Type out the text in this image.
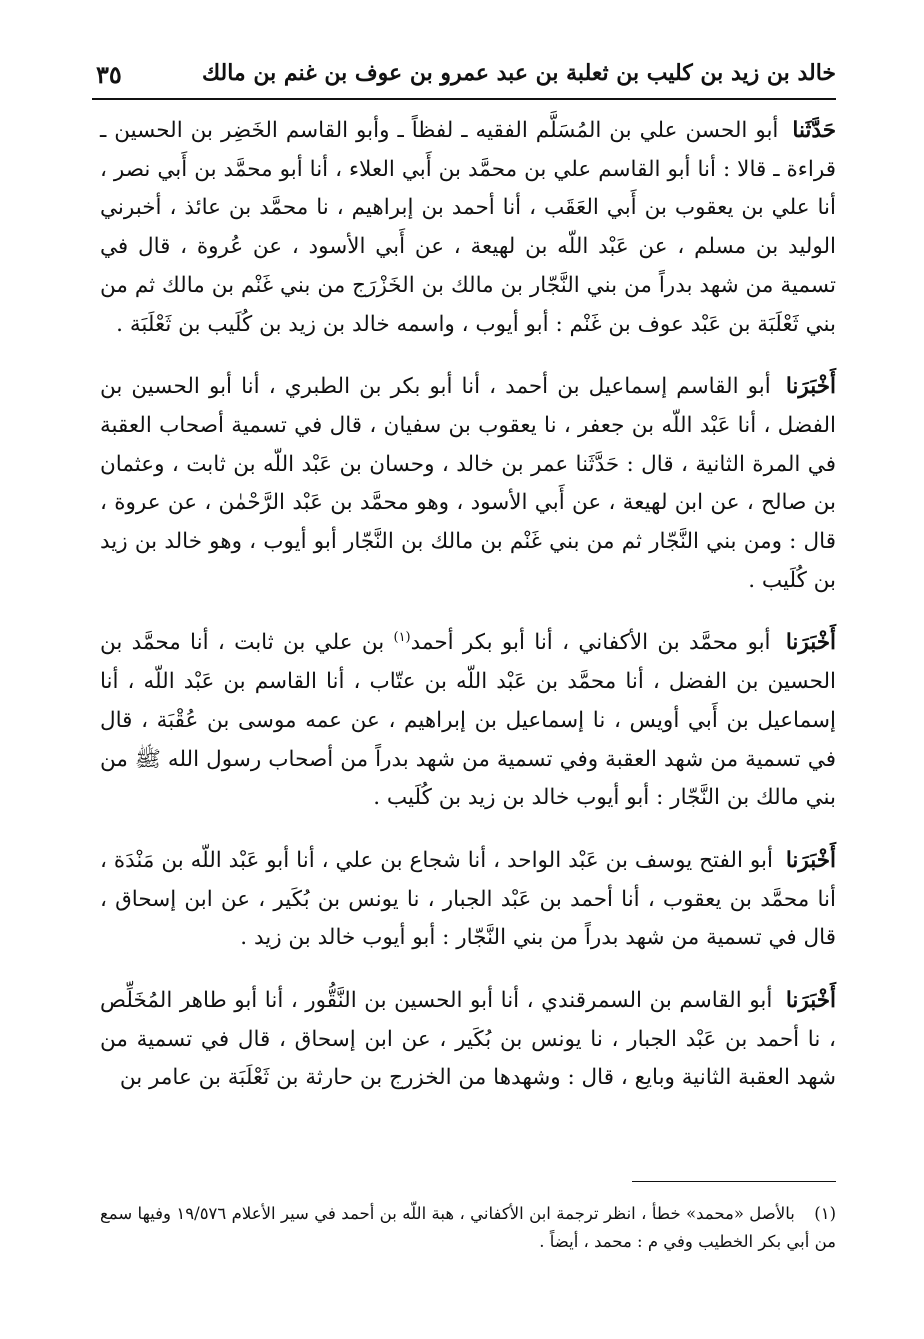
خالد بن زيد بن كليب بن ثعلبة بن عبد عمرو بن عوف بن غنم بن مالك
٣٥

حَدَّثَنا أبو الحسن علي بن المُسَلَّم الفقيه ـ لفظاً ـ وأبو القاسم الخَضِر بن الحسين ـ قراءة ـ قالا : أنا أبو القاسم علي بن محمَّد بن أَبي العلاء ، أنا أبو محمَّد بن أَبي نصر ، أنا علي بن يعقوب بن أَبي العَقَب ، أنا أحمد بن إبراهيم ، نا محمَّد بن عائذ ، أخبرني الوليد بن مسلم ، عن عَبْد اللّه بن لهيعة ، عن أَبي الأسود ، عن عُروة ، قال في تسمية من شهد بدراً من بني النَّجّار بن مالك بن الخَزْرَج من بني غَنْم بن مالك ثم من بني ثَعْلَبَة بن عَبْد عوف بن غَنْم : أبو أيوب ، واسمه خالد بن زيد بن كُلَيب بن ثَعْلَبَة .

أَخْبَرَنا أبو القاسم إسماعيل بن أحمد ، أنا أبو بكر بن الطبري ، أنا أبو الحسين بن الفضل ، أنا عَبْد اللّه بن جعفر ، نا يعقوب بن سفيان ، قال في تسمية أصحاب العقبة في المرة الثانية ، قال : حَدَّثَنا عمر بن خالد ، وحسان بن عَبْد اللّه بن ثابت ، وعثمان بن صالح ، عن ابن لهيعة ، عن أَبي الأسود ، وهو محمَّد بن عَبْد الرَّحْمٰن ، عن عروة ، قال : ومن بني النَّجّار ثم من بني غَنْم بن مالك بن النَّجّار أبو أيوب ، وهو خالد بن زيد بن كُلَيب .

أَخْبَرَنا أبو محمَّد بن الأكفاني ، أنا أبو بكر أحمد$^{(١)}$ بن علي بن ثابت ، أنا محمَّد بن الحسين بن الفضل ، أنا محمَّد بن عَبْد اللّه بن عتّاب ، أنا القاسم بن عَبْد اللّه ، أنا إسماعيل بن أَبي أويس ، نا إسماعيل بن إبراهيم ، عن عمه موسى بن عُقْبَة ، قال في تسمية من شهد العقبة وفي تسمية من شهد بدراً من أصحاب رسول الله ﷺ من بني مالك بن النَّجّار : أبو أيوب خالد بن زيد بن كُلَيب .

أَخْبَرَنا أبو الفتح يوسف بن عَبْد الواحد ، أنا شجاع بن علي ، أنا أبو عَبْد اللّه بن مَنْدَة ، أنا محمَّد بن يعقوب ، أنا أحمد بن عَبْد الجبار ، نا يونس بن بُكَير ، عن ابن إسحاق ، قال في تسمية من شهد بدراً من بني النَّجّار : أبو أيوب خالد بن زيد .

أَخْبَرَنا أبو القاسم بن السمرقندي ، أنا أبو الحسين بن النَّقُّور ، أنا أبو طاهر المُخَلِّص ، نا أحمد بن عَبْد الجبار ، نا يونس بن بُكَير ، عن ابن إسحاق ، قال في تسمية من شهد العقبة الثانية وبايع ، قال : وشهدها من الخزرج بن حارثة بن ثَعْلَبَة بن عامر بن

(١) بالأصل «محمد» خطأ ، انظر ترجمة ابن الأكفاني ، هبة اللّه بن أحمد في سير الأعلام ١٩/٥٧٦ وفيها سمع من أبي بكر الخطيب وفي م : محمد ، أيضاً .
